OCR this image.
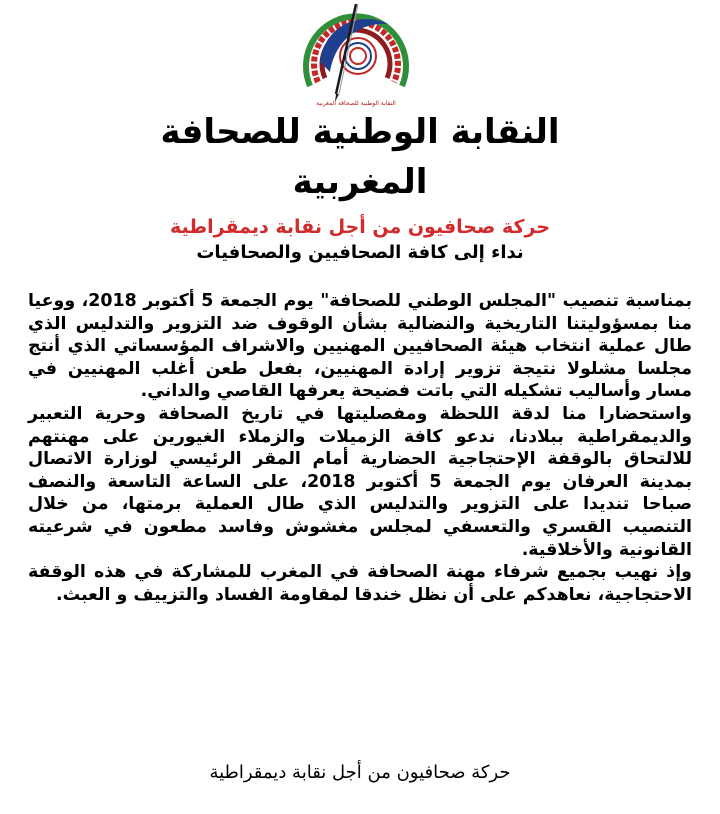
النقابة الوطنية للصحافة المغربية
النقابة الوطنية للصحافة
المغربية
حركة صحافيون من أجل نقابة ديمقراطية
نداء إلى كافة الصحافيين والصحافيات

بمناسبة تنصيب "المجلس الوطني للصحافة" يوم الجمعة 5 أكتوبر 2018، ووعيا منا بمسؤوليتنا التاريخية والنضالية بشأن الوقوف ضد التزوير والتدليس الذي طال عملية انتخاب هيئة الصحافيين المهنيين والاشراف المؤسساتي الذي أنتج مجلسا مشلولا نتيجة تزوير إرادة المهنيين، بفعل طعن أغلب المهنيين في مسار وأساليب تشكيله التي باتت فضيحة يعرفها القاصي والداني.

واستحضارا منا لدقة اللحظة ومفصليتها في تاريخ الصحافة وحرية التعبير والديمقراطية ببلادنا، ندعو كافة الزميلات والزملاء الغيورين على مهنتهم للالتحاق بالوقفة الإحتجاجية الحضارية أمام المقر الرئيسي لوزارة الاتصال بمدينة العرفان يوم الجمعة 5 أكتوبر 2018، على الساعة التاسعة والنصف صباحا تنديدا على التزوير والتدليس الذي طال العملية برمتها، من خلال التنصيب القسري والتعسفي لمجلس مغشوش وفاسد مطعون في شرعيته القانونية والأخلاقية.

وإذ نهيب بجميع شرفاء مهنة الصحافة في المغرب للمشاركة في هذه الوقفة الاحتجاجية، نعاهدكم على أن نظل خندقا لمقاومة الفساد والتزييف و العبث.

حركة صحافيون من أجل نقابة ديمقراطية
